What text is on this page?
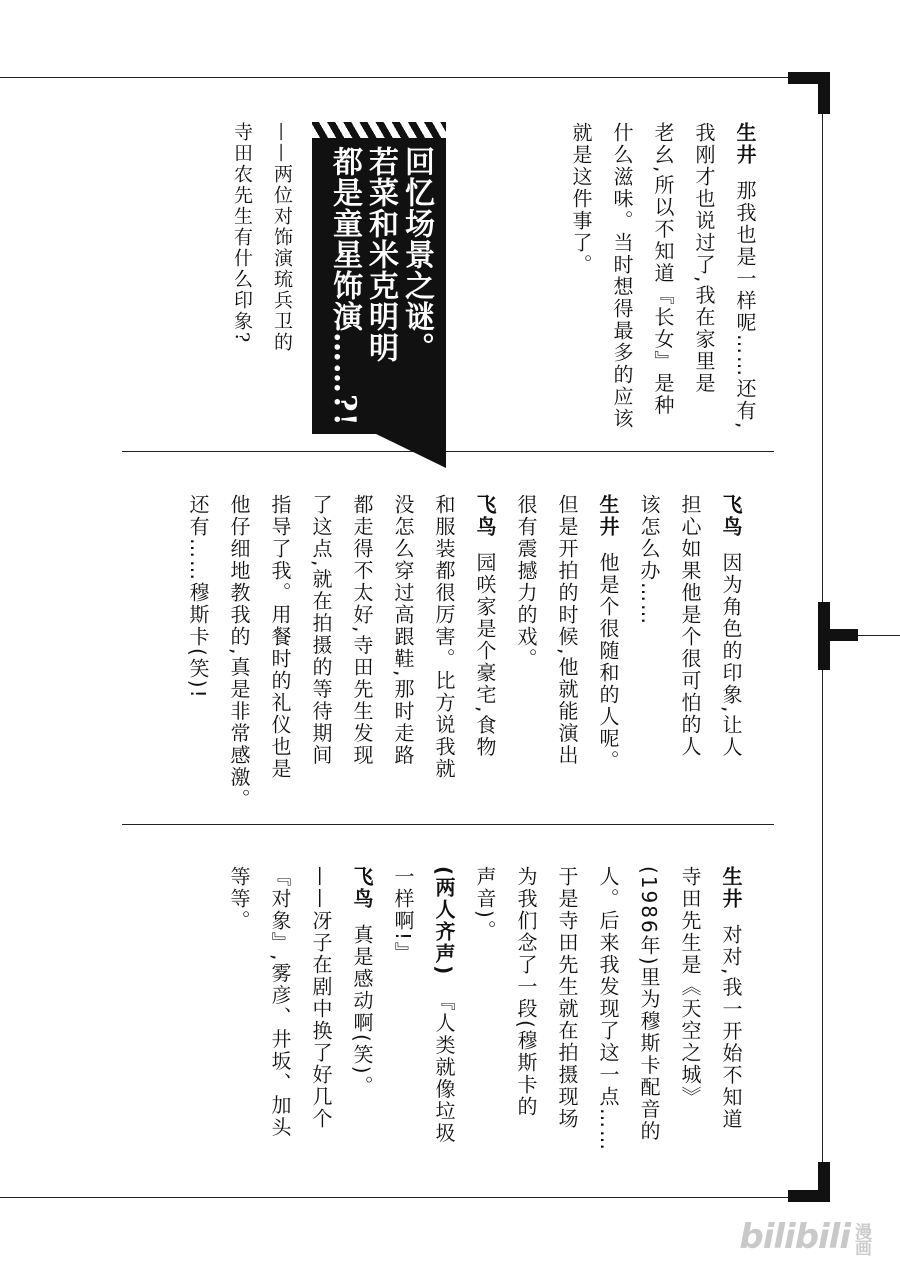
回忆场景之谜。
若菜和米克明明
都是童星饰演……?!
——两位对饰演琉兵卫的
寺田农先生有什么印象?	生井那我也是一样呢……还有,
我刚才也说过了,我在家里是
老幺,所以不知道『长女』是种
什么滋味。当时想得最多的应该
就是这件事了。
飞鸟因为角色的印象,让人
担心如果他是个很可怕的人
该怎么办……
生井他是个很随和的人呢。
但是开拍的时候,他就能演出
很有震撼力的戏。
飞鸟园咲家是个豪宅,食物
和服装都很厉害。比方说我就
没怎么穿过高跟鞋,那时走路
都走得不太好,寺田先生发现
了这点,就在拍摄的等待期间
指导了我。用餐时的礼仪也是
他仔细地教我的,真是非常感激。
还有……穆斯卡(笑)!
生井对对,我一开始不知道
寺田先生是《天空之城》
(1986年)里为穆斯卡配音的
人。后来我发现了这一点……
于是寺田先生就在拍摄现场
为我们念了一段(穆斯卡的
声音)。
(两人齐声)『人类就像垃圾
一样啊!』
飞鸟真是感动啊(笑)。
——冴子在剧中换了好几个
『对象』,雾彦、井坂、加头
等等。
bilibili漫画
